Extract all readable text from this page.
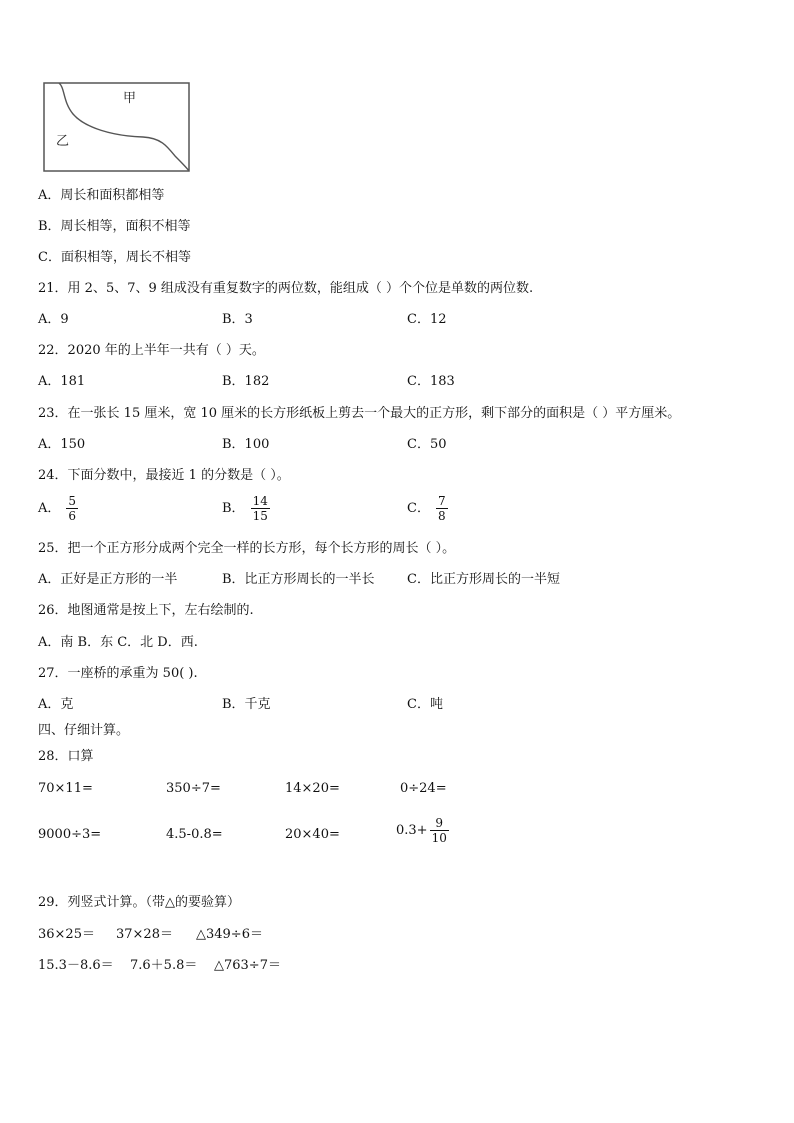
甲
乙
A．周长和面积都相等
B．周长相等，面积不相等
C．面积相等，周长不相等
21．用 2、5、7、9 组成没有重复数字的两位数，能组成（ ）个个位是单数的两位数.
A．9	B．3	C．12
22．2020 年的上半年一共有（ ）天。
A．181	B．182	C．183
23．在一张长 15 厘米，宽 10 厘米的长方形纸板上剪去一个最大的正方形，剩下部分的面积是（ ）平方厘米。
A．150	B．100	C．50
24．下面分数中，最接近 1 的分数是（ ）。
A． $\frac{5}{6}$	B． $\frac{14}{15}$	C． $\frac{7}{8}$
25．把一个正方形分成两个完全一样的长方形，每个长方形的周长（ ）。
A．正好是正方形的一半	B．比正方形周长的一半长 C．比正方形周长的一半短
26．地图通常是按上下，左右绘制的.
A．南 B．东 C．北 D．西.
27．一座桥的承重为 50( ).
A．克	B．千克	C．吨
四、仔细计算。
28．口算
70×11=	350÷7=	14×20=	0÷24=
9000÷3=	4.5-0.8=	20×40=	$0.3+ \frac{9}{10}$
29．列竖式计算。（带△的要验算）
36×25＝ 37×28＝ △349÷6＝
15.3－8.6＝ 7.6＋5.8＝ △763÷7＝
